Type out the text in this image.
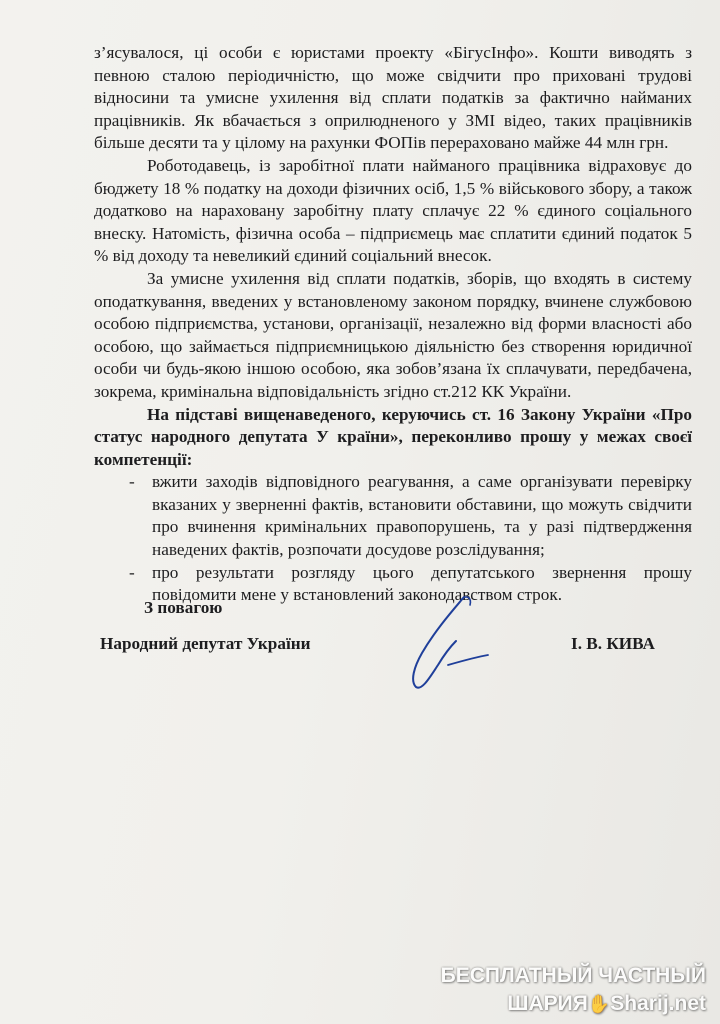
з’ясувалося, ці особи є юристами проекту «БігусІнфо». Кошти виводять з певною сталою періодичністю, що може свідчити про приховані трудові відносини та умисне ухилення від сплати податків за фактично найманих працівників. Як вбачається з оприлюдненого у ЗМІ відео, таких працівників більше десяти та у цілому на рахунки ФОПів перераховано майже 44 млн грн.

Роботодавець, із заробітної плати найманого працівника відраховує до бюджету 18 % податку на доходи фізичних осіб, 1,5 % військового збору, а також додатково на нараховану заробітну плату сплачує 22 % єдиного соціального внеску. Натомість, фізична особа – підприємець має сплатити єдиний податок 5 % від доходу та невеликий єдиний соціальний внесок.

За умисне ухилення від сплати податків, зборів, що входять в систему оподаткування, введених у встановленому законом порядку, вчинене службовою особою підприємства, установи, організації, незалежно від форми власності або особою, що займається підприємницькою діяльністю без створення юридичної особи чи будь-якою іншою особою, яка зобов’язана їх сплачувати, передбачена, зокрема, кримінальна відповідальність згідно ст.212 КК України.

На підставі вищенаведеного, керуючись ст. 16 Закону України «Про статус народного депутата У країни», переконливо прошу у межах своєї компетенції:

- вжити заходів відповідного реагування, а саме організувати перевірку вказаних у зверненні фактів, встановити обставини, що можуть свідчити про вчинення кримінальних правопорушень, та у разі підтвердження наведених фактів, розпочати досудове розслідування;
- про результати розгляду цього депутатського звернення прошу повідомити мене у встановлений законодавством строк.
З повагою
Народний депутат України	І. В. КИВА
БЕСПЛАТНЫЙ ЧАСТНЫЙ
ШАРИЯ✋Sharij.net
